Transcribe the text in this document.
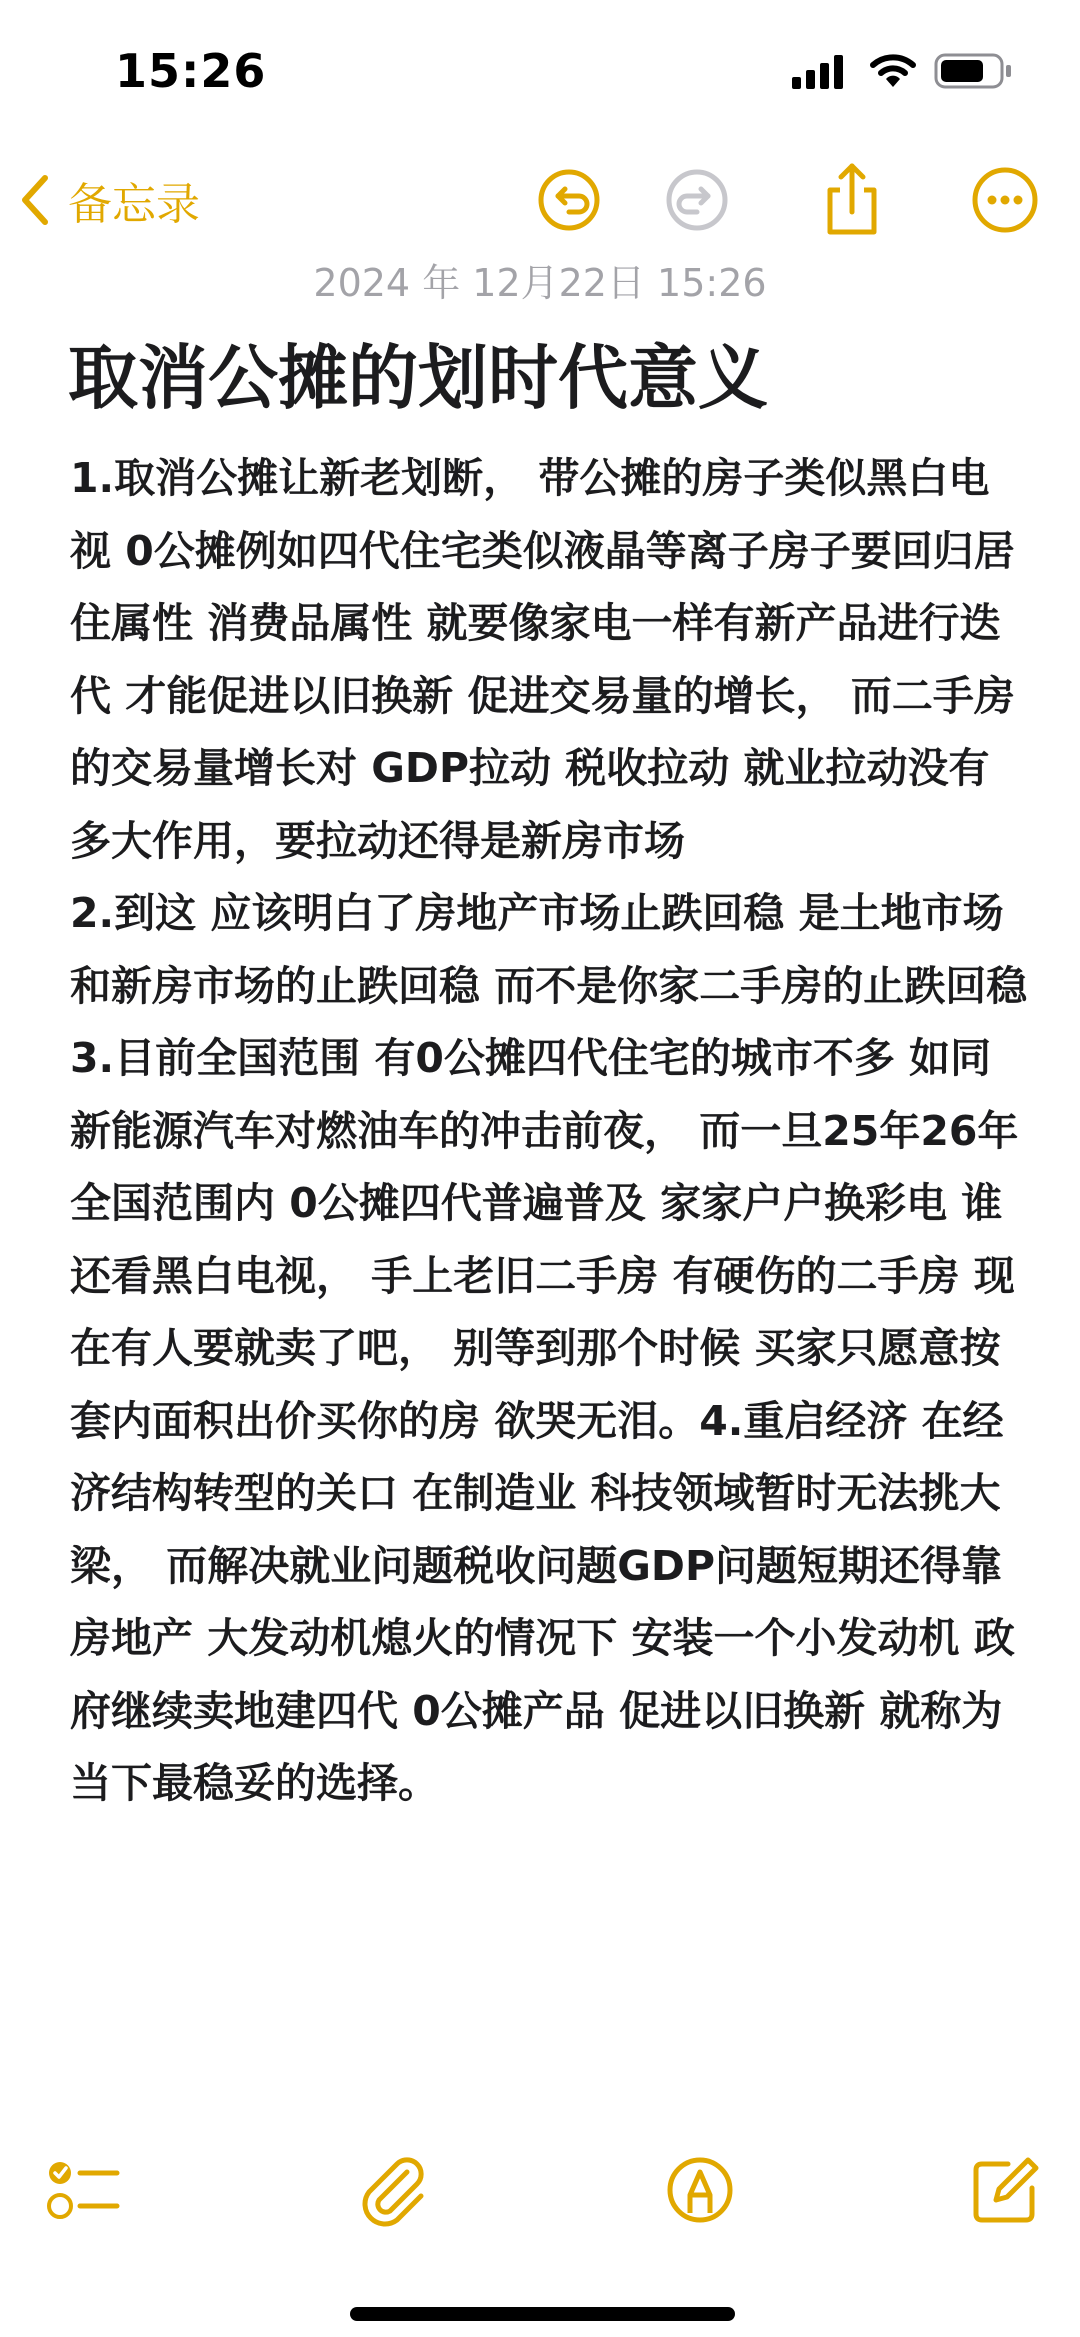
15:26
备忘录
2024 年 12月22日 15:26
取消公摊的划时代意义

1.取消公摊让新老划断， 带公摊的房子类似黑白电视 0公摊例如四代住宅类似液晶等离子房子要回归居住属性 消费品属性 就要像家电一样有新产品进行迭代 才能促进以旧换新 促进交易量的增长， 而二手房的交易量增长对 GDP拉动 税收拉动 就业拉动没有多大作用，要拉动还得是新房市场

2.到这 应该明白了房地产市场止跌回稳 是土地市场和新房市场的止跌回稳 而不是你家二手房的止跌回稳

3.目前全国范围 有0公摊四代住宅的城市不多 如同新能源汽车对燃油车的冲击前夜， 而一旦25年26年 全国范围内 0公摊四代普遍普及 家家户户换彩电 谁还看黑白电视， 手上老旧二手房 有硬伤的二手房 现在有人要就卖了吧， 别等到那个时候 买家只愿意按套内面积出价买你的房 欲哭无泪。4.重启经济 在经济结构转型的关口 在制造业 科技领域暂时无法挑大梁， 而解决就业问题税收问题GDP问题短期还得靠房地产 大发动机熄火的情况下 安装一个小发动机 政府继续卖地建四代 0公摊产品 促进以旧换新 就称为当下最稳妥的选择。
